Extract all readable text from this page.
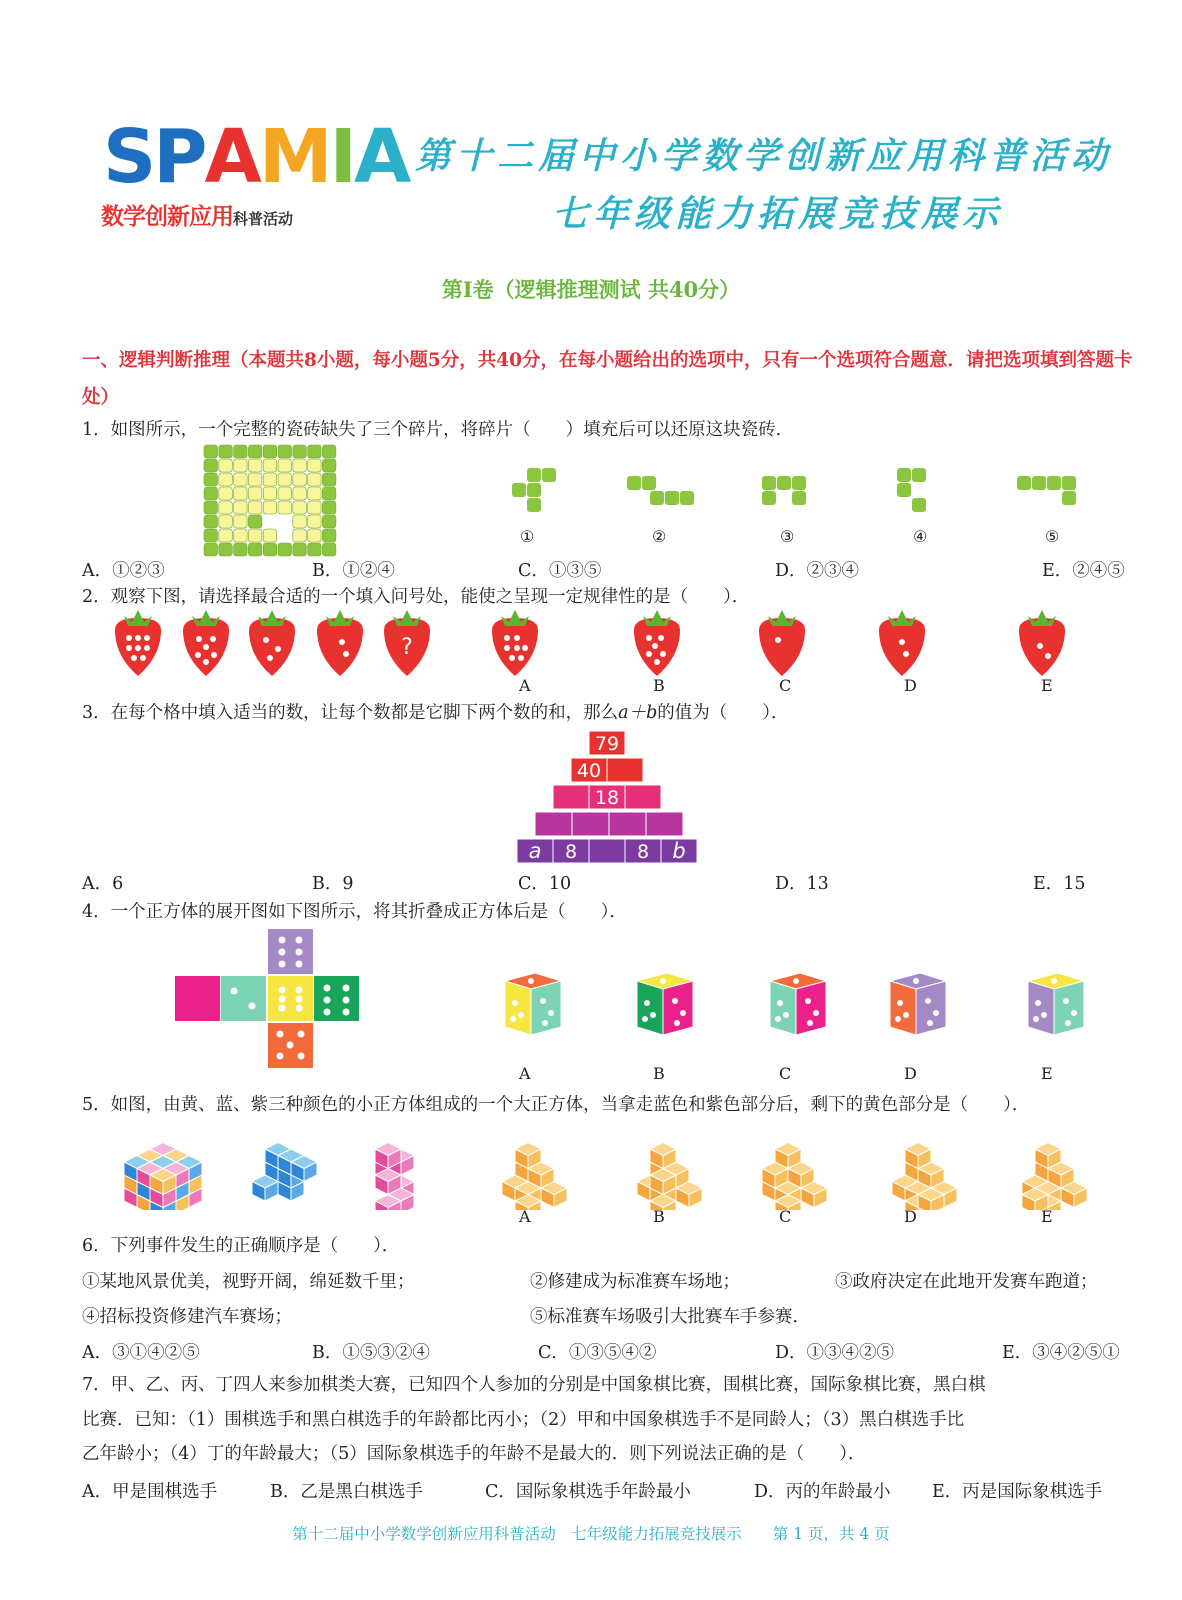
SPAMIA
数学创新应用科普活动
第十二届中小学数学创新应用科普活动
七年级能力拓展竞技展示
第I卷（逻辑推理测试 共40分）
一、逻辑判断推理（本题共8小题，每小题5分，共40分，在每小题给出的选项中，只有一个选项符合题意．请把选项填到答题卡处）
1．如图所示，一个完整的瓷砖缺失了三个碎片，将碎片（　　）填充后可以还原这块瓷砖．
①	②	③	④	⑤
A．①②③	B．①②④	C．①③⑤	D．②③④	E．②④⑤
2．观察下图，请选择最合适的一个填入问号处，能使之呈现一定规律性的是（　　）．
?
A	B	C	D	E
3．在每个格中填入适当的数，让每个数都是它脚下两个数的和，那么a＋b的值为（　　）．
79
40
18
a 8	8 b
A．6	B．9	C．10	D．13	E．15
4．一个正方体的展开图如下图所示，将其折叠成正方体后是（　　）．
A	B	C	D	E
5．如图，由黄、蓝、紫三种颜色的小正方体组成的一个大正方体，当拿走蓝色和紫色部分后，剩下的黄色部分是（　　）．
A	B	C	D	E
6．下列事件发生的正确顺序是（　　）．
①某地风景优美，视野开阔，绵延数千里；	②修建成为标准赛车场地；	③政府决定在此地开发赛车跑道；
④招标投资修建汽车赛场；	⑤标准赛车场吸引大批赛车手参赛．
A．③①④②⑤	B．①⑤③②④	C．①③⑤④②	D．①③④②⑤	E．③④②⑤①
7．甲、乙、丙、丁四人来参加棋类大赛，已知四个人参加的分别是中国象棋比赛，围棋比赛，国际象棋比赛，黑白棋
比赛．已知：（1）围棋选手和黑白棋选手的年龄都比丙小；（2）甲和中国象棋选手不是同龄人；（3）黑白棋选手比
乙年龄小；（4）丁的年龄最大；（5）国际象棋选手的年龄不是最大的．则下列说法正确的是（　　）．
A．甲是围棋选手	B．乙是黑白棋选手	C．国际象棋选手年龄最小	D．丙的年龄最小 E．丙是国际象棋选手
第十二届中小学数学创新应用科普活动　七年级能力拓展竞技展示　　第 1 页，共 4 页
